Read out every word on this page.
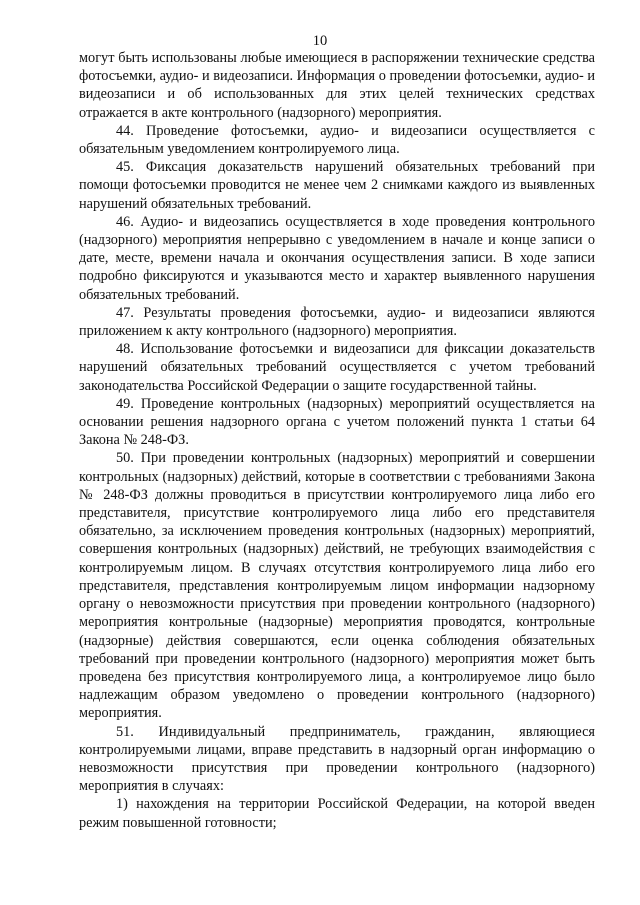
10

могут быть использованы любые имеющиеся в распоряжении технические средства фотосъемки, аудио- и видеозаписи. Информация о проведении фотосъемки, аудио- и видеозаписи и об использованных для этих целей технических средствах отражается в акте контрольного (надзорного) мероприятия.

44. Проведение фотосъемки, аудио- и видеозаписи осуществляется с обязательным уведомлением контролируемого лица.

45. Фиксация доказательств нарушений обязательных требований при помощи фотосъемки проводится не менее чем 2 снимками каждого из выявленных нарушений обязательных требований.

46. Аудио- и видеозапись осуществляется в ходе проведения контрольного (надзорного) мероприятия непрерывно с уведомлением в начале и конце записи о дате, месте, времени начала и окончания осуществления записи. В ходе записи подробно фиксируются и указываются место и характер выявленного нарушения обязательных требований.

47. Результаты проведения фотосъемки, аудио- и видеозаписи являются приложением к акту контрольного (надзорного) мероприятия.

48. Использование фотосъемки и видеозаписи для фиксации доказательств нарушений обязательных требований осуществляется с учетом требований законодательства Российской Федерации о защите государственной тайны.

49. Проведение контрольных (надзорных) мероприятий осуществляется на основании решения надзорного органа с учетом положений пункта 1 статьи 64 Закона № 248-ФЗ.

50. При проведении контрольных (надзорных) мероприятий и совершении контрольных (надзорных) действий, которые в соответствии с требованиями Закона № 248-ФЗ должны проводиться в присутствии контролируемого лица либо его представителя, присутствие контролируемого лица либо его представителя обязательно, за исключением проведения контрольных (надзорных) мероприятий, совершения контрольных (надзорных) действий, не требующих взаимодействия с контролируемым лицом. В случаях отсутствия контролируемого лица либо его представителя, представления контролируемым лицом информации надзорному органу о невозможности присутствия при проведении контрольного (надзорного) мероприятия контрольные (надзорные) мероприятия проводятся, контрольные (надзорные) действия совершаются, если оценка соблюдения обязательных требований при проведении контрольного (надзорного) мероприятия может быть проведена без присутствия контролируемого лица, а контролируемое лицо было надлежащим образом уведомлено о проведении контрольного (надзорного) мероприятия.

51. Индивидуальный предприниматель, гражданин, являющиеся контролируемыми лицами, вправе представить в надзорный орган информацию о невозможности присутствия при проведении контрольного (надзорного) мероприятия в случаях:

1) нахождения на территории Российской Федерации, на которой введен режим повышенной готовности;
